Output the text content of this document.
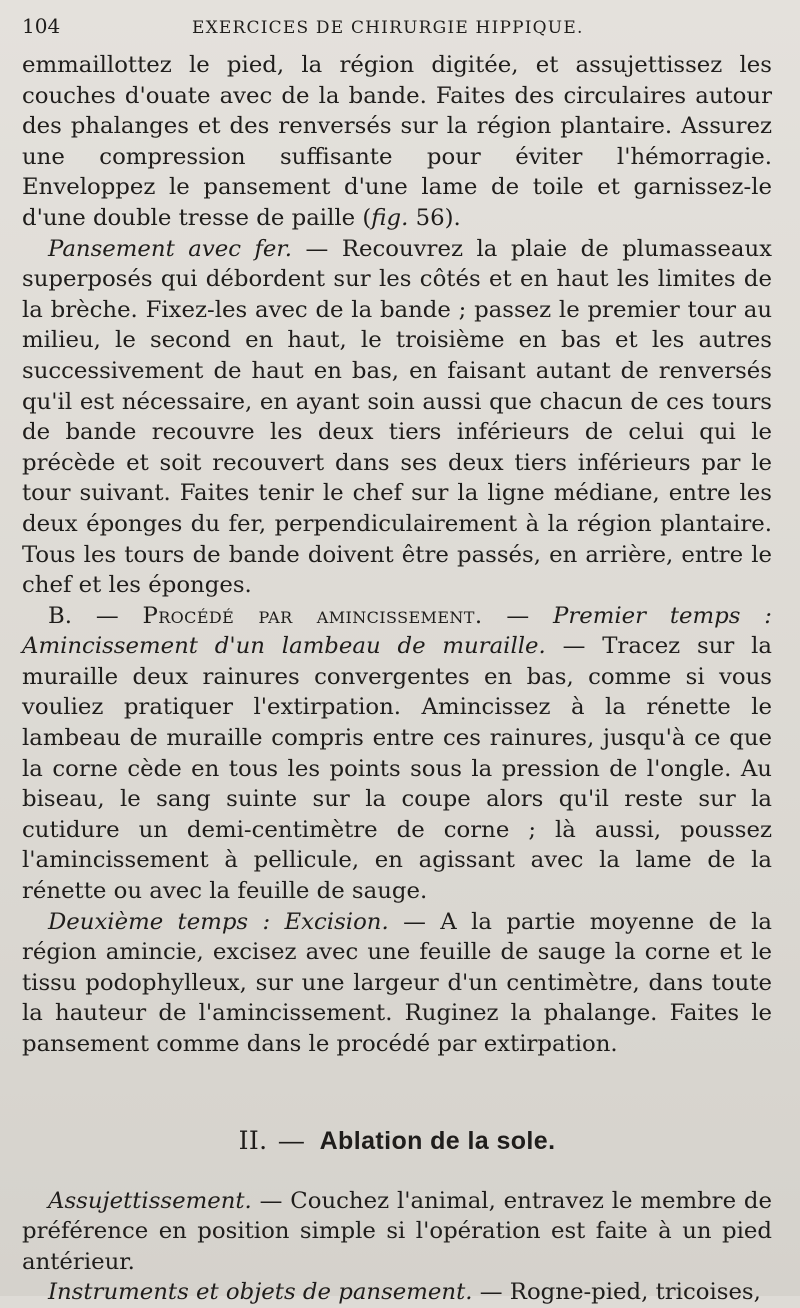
104	EXERCICES DE CHIRURGIE HIPPIQUE.

emmaillottez le pied, la région digitée, et assujettissez les couches d'ouate avec de la bande. Faites des circulaires autour des phalanges et des renversés sur la région plantaire. Assurez une compression suffisante pour éviter l'hémorragie. Enveloppez le pansement d'une lame de toile et garnissez-le d'une double tresse de paille (fig. 56).

Pansement avec fer. — Recouvrez la plaie de plumasseaux superposés qui débordent sur les côtés et en haut les limites de la brèche. Fixez-les avec de la bande ; passez le premier tour au milieu, le second en haut, le troisième en bas et les autres successivement de haut en bas, en faisant autant de renversés qu'il est nécessaire, en ayant soin aussi que chacun de ces tours de bande recouvre les deux tiers inférieurs de celui qui le précède et soit recouvert dans ses deux tiers inférieurs par le tour suivant. Faites tenir le chef sur la ligne médiane, entre les deux éponges du fer, perpendiculairement à la région plantaire. Tous les tours de bande doivent être passés, en arrière, entre le chef et les éponges.

B. — Procédé par amincissement. — Premier temps : Amincissement d'un lambeau de muraille. — Tracez sur la muraille deux rainures convergentes en bas, comme si vous vouliez pratiquer l'extirpation. Amincissez à la rénette le lambeau de muraille compris entre ces rainures, jusqu'à ce que la corne cède en tous les points sous la pression de l'ongle. Au biseau, le sang suinte sur la coupe alors qu'il reste sur la cutidure un demi-centimètre de corne ; là aussi, poussez l'amincissement à pellicule, en agissant avec la lame de la rénette ou avec la feuille de sauge.

Deuxième temps : Excision. — A la partie moyenne de la région amincie, excisez avec une feuille de sauge la corne et le tissu podophylleux, sur une largeur d'un centimètre, dans toute la hauteur de l'amincissement. Ruginez la phalange. Faites le pansement comme dans le procédé par extirpation.

II. — Ablation de la sole.

Assujettissement. — Couchez l'animal, entravez le membre de préférence en position simple si l'opération est faite à un pied antérieur.

Instruments et objets de pansement. — Rogne-pied, tricoises,
